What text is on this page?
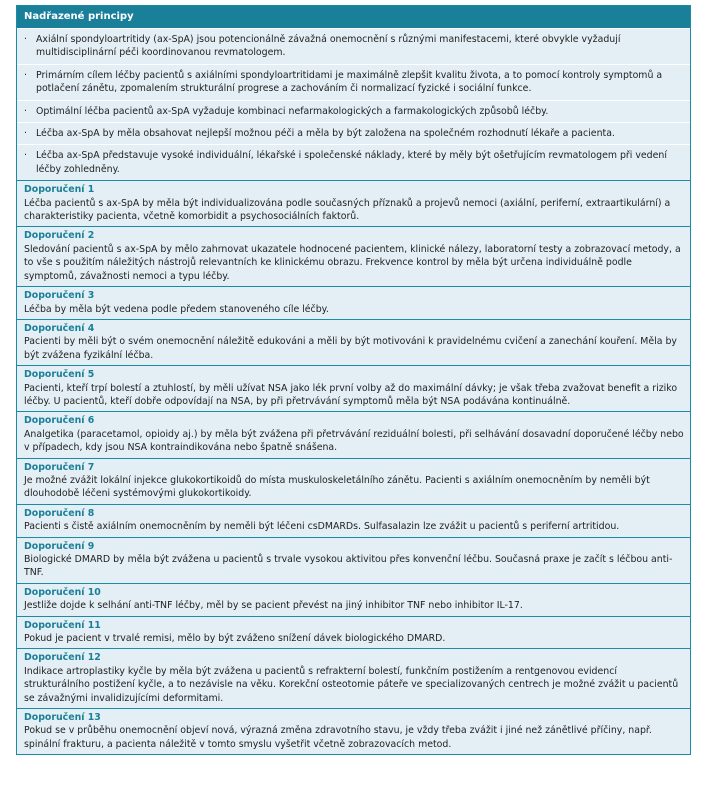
Nadřazené principy
· Axiální spondyloartritidy (ax-SpA) jsou potencionálně závažná onemocnění s různými manifestacemi, které obvykle vyžadují multidisciplinární péči koordinovanou revmatologem.
· Primárním cílem léčby pacientů s axiálními spondyloartritidami je maximálně zlepšit kvalitu života, a to pomocí kontroly symptomů a potlačení zánětu, zpomalením strukturální progrese a zachováním či normalizací fyzické i sociální funkce.
· Optimální léčba pacientů ax-SpA vyžaduje kombinaci nefarmakologických a farmakologických způsobů léčby.
· Léčba ax-SpA by měla obsahovat nejlepší možnou péči a měla by být založena na společném rozhodnutí lékaře a pacienta.
· Léčba ax-SpA představuje vysoké individuální, lékařské i společenské náklady, které by měly být ošetřujícím revmatologem při vedení léčby zohledněny.
Doporučení 1
Léčba pacientů s ax-SpA by měla být individualizována podle současných příznaků a projevů nemoci (axiální, periferní, extraartikulární) a charakteristiky pacienta, včetně komorbidit a psychosociálních faktorů.
Doporučení 2
Sledování pacientů s ax-SpA by mělo zahrnovat ukazatele hodnocené pacientem, klinické nálezy, laboratorní testy a zobrazovací metody, a to vše s použitím náležitých nástrojů relevantních ke klinickému obrazu. Frekvence kontrol by měla být určena individuálně podle symptomů, závažnosti nemoci a typu léčby.
Doporučení 3
Léčba by měla být vedena podle předem stanoveného cíle léčby.
Doporučení 4
Pacienti by měli být o svém onemocnění náležitě edukováni a měli by být motivováni k pravidelnému cvičení a zanechání kouření. Měla by být zvážena fyzikální léčba.
Doporučení 5
Pacienti, kteří trpí bolestí a ztuhlostí, by měli užívat NSA jako lék první volby až do maximální dávky; je však třeba zvažovat benefit a riziko léčby. U pacientů, kteří dobře odpovídají na NSA, by při přetrvávání symptomů měla být NSA podávána kontinuálně.
Doporučení 6
Analgetika (paracetamol, opioidy aj.) by měla být zvážena při přetrvávání reziduální bolesti, při selhávání dosavadní doporučené léčby nebo v případech, kdy jsou NSA kontraindikována nebo špatně snášena.
Doporučení 7
Je možné zvážit lokální injekce glukokortikoidů do místa muskuloskeletálního zánětu. Pacienti s axiálním onemocněním by neměli být dlouhodobě léčeni systémovými glukokortikoidy.
Doporučení 8
Pacienti s čistě axiálním onemocněním by neměli být léčeni csDMARDs. Sulfasalazin lze zvážit u pacientů s periferní artritidou.
Doporučení 9
Biologické DMARD by měla být zvážena u pacientů s trvale vysokou aktivitou přes konvenční léčbu. Současná praxe je začít s léčbou anti-TNF.
Doporučení 10
Jestliže dojde k selhání anti-TNF léčby, měl by se pacient převést na jiný inhibitor TNF nebo inhibitor IL-17.
Doporučení 11
Pokud je pacient v trvalé remisi, mělo by být zváženo snížení dávek biologického DMARD.
Doporučení 12
Indikace artroplastiky kyčle by měla být zvážena u pacientů s refrakterní bolestí, funkčním postižením a rentgenovou evidencí strukturálního postižení kyčle, a to nezávisle na věku. Korekční osteotomie páteře ve specializovaných centrech je možné zvážit u pacientů se závažnými invalidizujícími deformitami.
Doporučení 13
Pokud se v průběhu onemocnění objeví nová, výrazná změna zdravotního stavu, je vždy třeba zvážit i jiné než zánětlivé příčiny, např. spinální frakturu, a pacienta náležitě v tomto smyslu vyšetřit včetně zobrazovacích metod.
